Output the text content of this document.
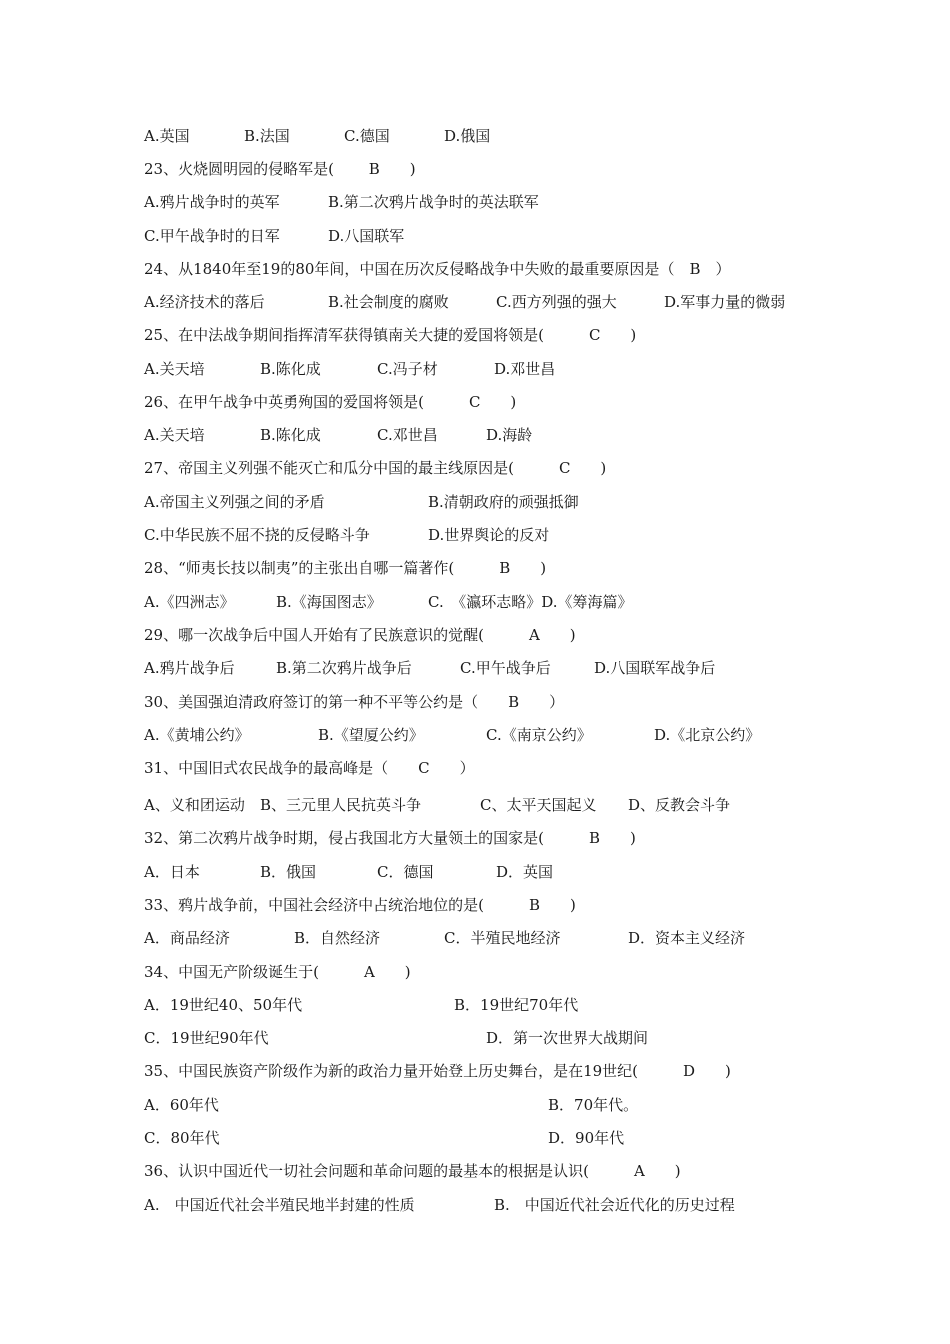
A.英国

	B.法国

	C.德国

	D.俄国

23、火烧圆明园的侵略军是(　　 B　　)

A.鸦片战争时的英军

	B.第二次鸦片战争时的英法联军

C.甲午战争时的日军

	D.八国联军

24、从1840年至19的80年间，中国在历次反侵略战争中失败的最重要原因是（　B　）

A.经济技术的落后

	B.社会制度的腐败

	C.西方列强的强大

	D.军事力量的微弱

25、在中法战争期间指挥清军获得镇南关大捷的爱国将领是(　　　C　　)

A.关天培

	B.陈化成

	C.冯子材

	D.邓世昌

26、在甲午战争中英勇殉国的爱国将领是(　　　C　　)

A.关天培

	B.陈化成

	C.邓世昌

	D.海龄

27、帝国主义列强不能灭亡和瓜分中国的最主线原因是(　　　C　　)

A.帝国主义列强之间的矛盾

	B.清朝政府的顽强抵御

C.中华民族不屈不挠的反侵略斗争

	D.世界舆论的反对

28、“师夷长技以制夷”的主张出自哪一篇著作(　　　B　　)

A.《四洲志》

	B.《海国图志》

	C.　《瀛环志略》D.《筹海篇》

29、哪一次战争后中国人开始有了民族意识的觉醒(　　　A　　)

A.鸦片战争后

	B.第二次鸦片战争后

	C.甲午战争后

	D.八国联军战争后

30、美国强迫清政府签订的第一种不平等公约是（　　B　　）

A.《黄埔公约》

	B.《望厦公约》

	C.《南京公约》

	D.《北京公约》

31、中国旧式农民战争的最高峰是（　　C　　）

A、义和团运动

B、三元里人民抗英斗争

	C、太平天国起义

D、反教会斗争

32、第二次鸦片战争时期，侵占我国北方大量领土的国家是(　　　B　　)

A．日本

	B．俄国

	C．德国

	D．英国

33、鸦片战争前，中国社会经济中占统治地位的是(　　　B　　)

A．商品经济

	B．自然经济

	C．半殖民地经济

	D．资本主义经济

34、中国无产阶级诞生于(　　　A　　)

A．19世纪40、50年代

	B．19世纪70年代

C．19世纪90年代

	D．第一次世界大战期间

35、中国民族资产阶级作为新的政治力量开始登上历史舞台，是在19世纪(　　　D　　)

A．60年代

	B．70年代。

C．80年代

	D．90年代

36、认识中国近代一切社会问题和革命问题的最基本的根据是认识(　　　A　　)

A.　中国近代社会半殖民地半封建的性质

	B.　中国近代社会近代化的历史过程
